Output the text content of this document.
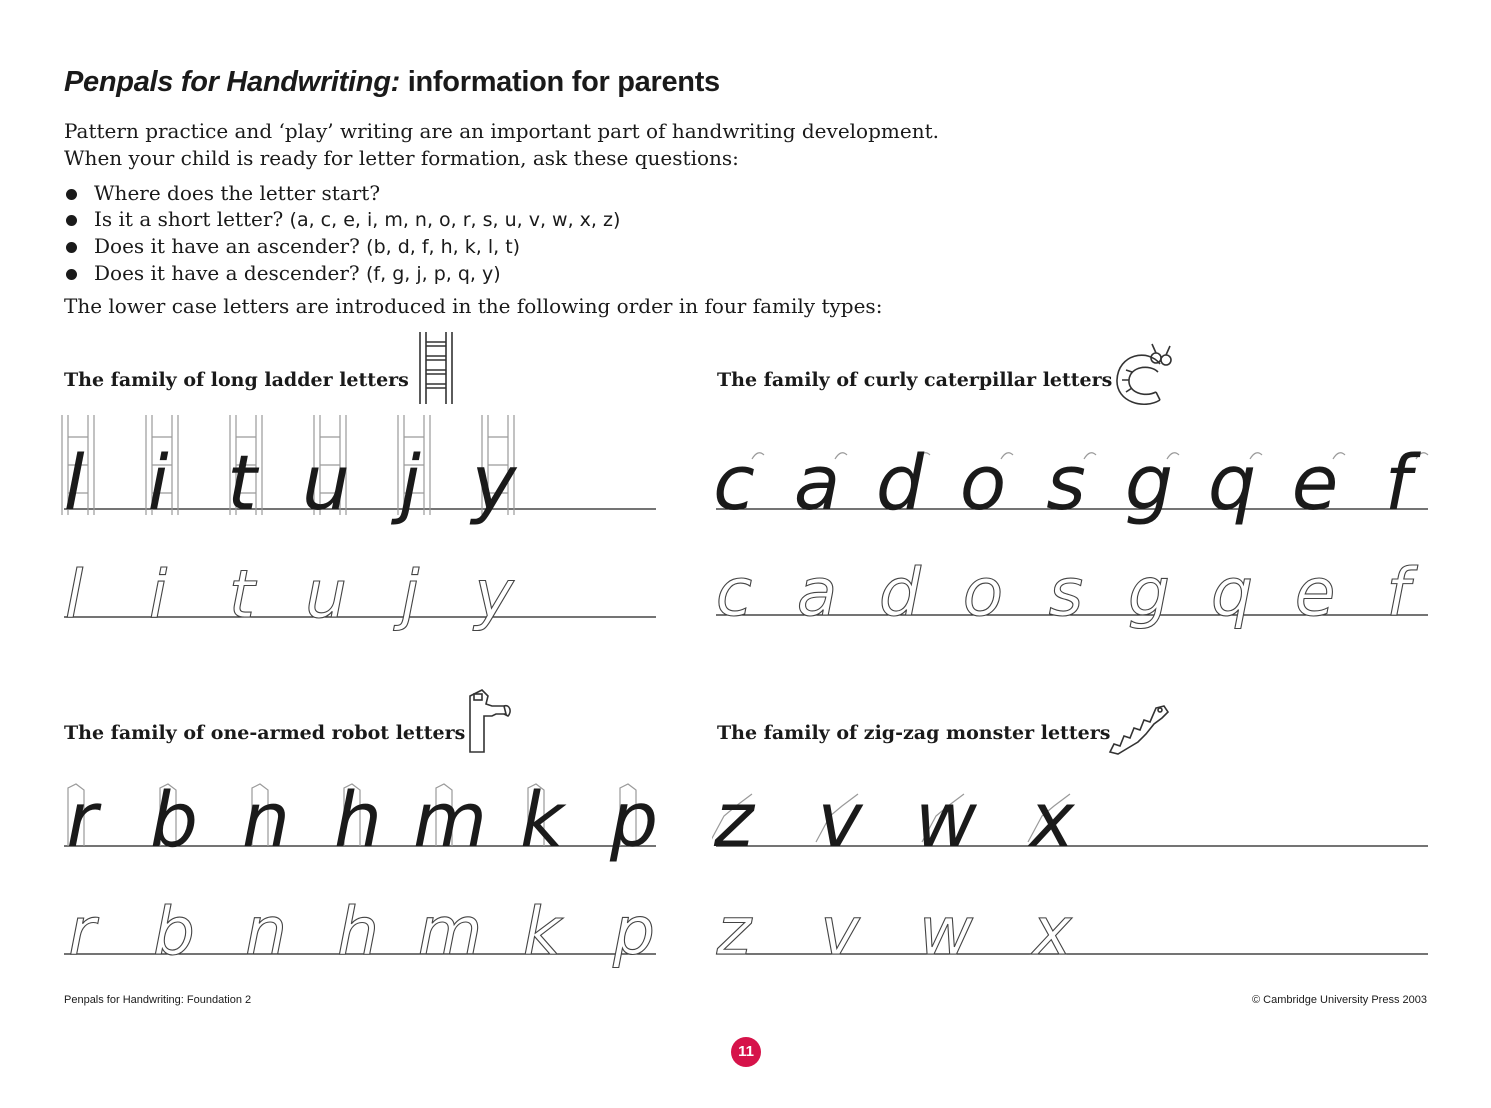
Penpals for Handwriting: information for parents
Pattern practice and ‘play’ writing are an important part of handwriting development.
When your child is ready for letter formation, ask these questions:
Where does the letter start?
Is it a short letter? (a, c, e, i, m, n, o, r, s, u, v, w, x, z)
Does it have an ascender? (b, d, f, h, k, l, t)
Does it have a descender? (f, g, j, p, q, y)
The lower case letters are introduced in the following order in four family types:
The family of long ladder letters
l
l
i
i
t
t
u
u
j
j
y
y
The family of curly caterpillar letters
c
c
a
a
d
d
o
o
s
s
g
g
q
q
e
e
f
f
The family of one-armed robot letters
r
r
b
b
n
n
h
h
m
m
k
k
p
p
The family of zig-zag monster letters
z
z
v
v
w
w
x
x
Penpals for Handwriting: Foundation 2	© Cambridge University Press 2003
11
